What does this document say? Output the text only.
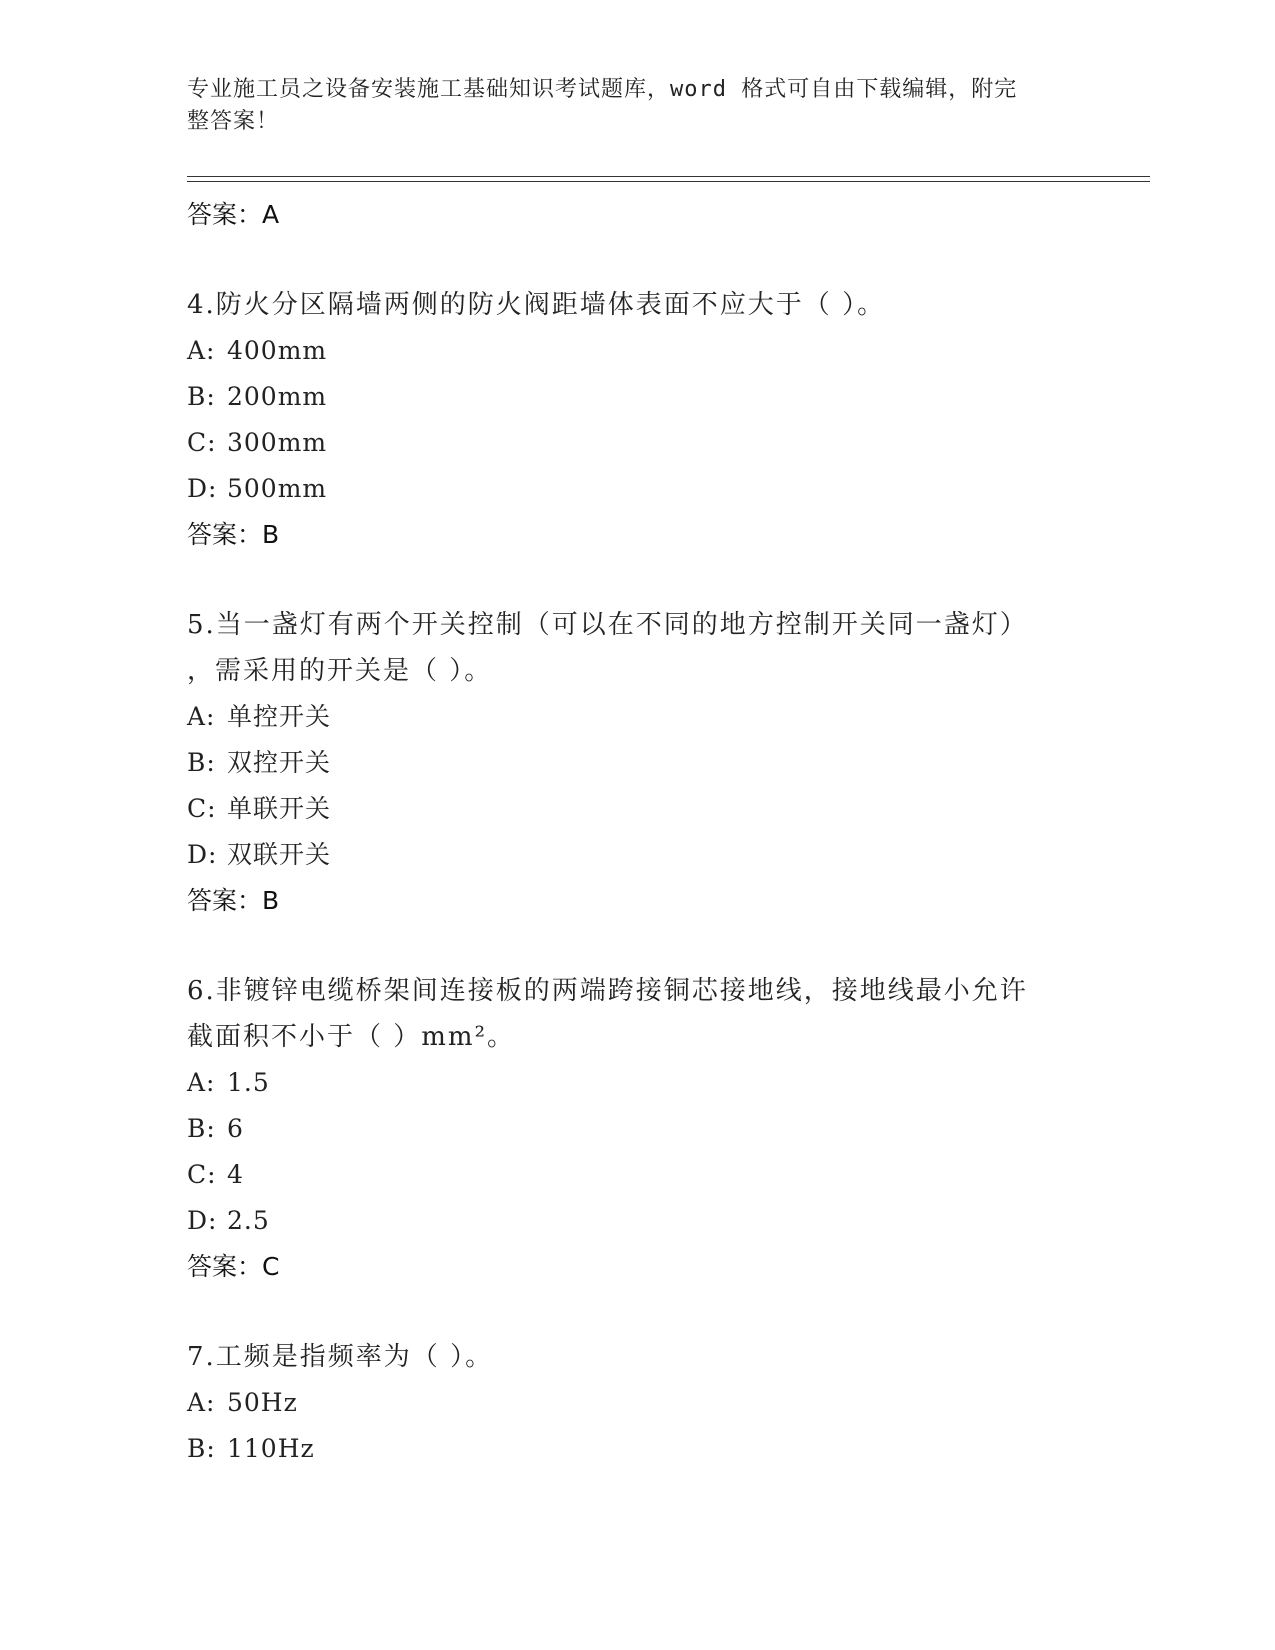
专业施工员之设备安装施工基础知识考试题库，word 格式可自由下载编辑，附完
整答案！
答案：A
4.防火分区隔墙两侧的防火阀距墙体表面不应大于（ ）。
A: 400mm
B: 200mm
C: 300mm
D: 500mm
答案：B
5.当一盏灯有两个开关控制（可以在不同的地方控制开关同一盏灯）
，需采用的开关是（ ）。
A: 单控开关
B: 双控开关
C: 单联开关
D: 双联开关
答案：B
6.非镀锌电缆桥架间连接板的两端跨接铜芯接地线，接地线最小允许
截面积不小于（ ）mm²。
A: 1.5
B: 6
C: 4
D: 2.5
答案：C
7.工频是指频率为（ ）。
A: 50Hz
B: 110Hz
